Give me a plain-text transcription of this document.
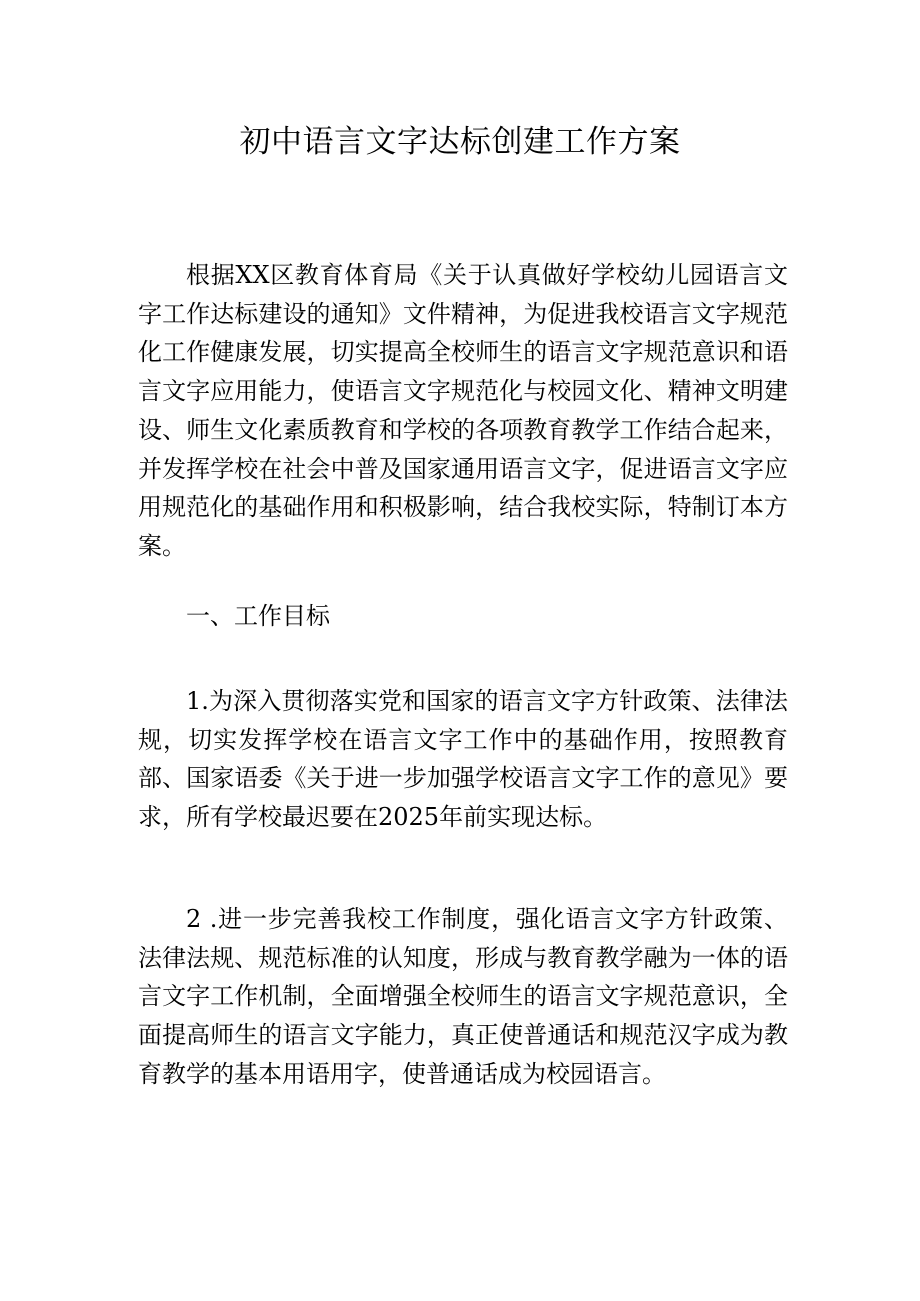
初中语言文字达标创建工作方案

根据XX区教育体育局《关于认真做好学校幼儿园语言文字工作达标建设的通知》文件精神，为促进我校语言文字规范化工作健康发展，切实提高全校师生的语言文字规范意识和语言文字应用能力，使语言文字规范化与校园文化、精神文明建设、师生文化素质教育和学校的各项教育教学工作结合起来，并发挥学校在社会中普及国家通用语言文字，促进语言文字应用规范化的基础作用和积极影响，结合我校实际，特制订本方案。

一、工作目标

1.为深入贯彻落实党和国家的语言文字方针政策、法律法规，切实发挥学校在语言文字工作中的基础作用，按照教育部、国家语委《关于进一步加强学校语言文字工作的意见》要求，所有学校最迟要在2025年前实现达标。

2 .进一步完善我校工作制度，强化语言文字方针政策、法律法规、规范标准的认知度，形成与教育教学融为一体的语言文字工作机制，全面增强全校师生的语言文字规范意识，全面提高师生的语言文字能力，真正使普通话和规范汉字成为教育教学的基本用语用字，使普通话成为校园语言。
